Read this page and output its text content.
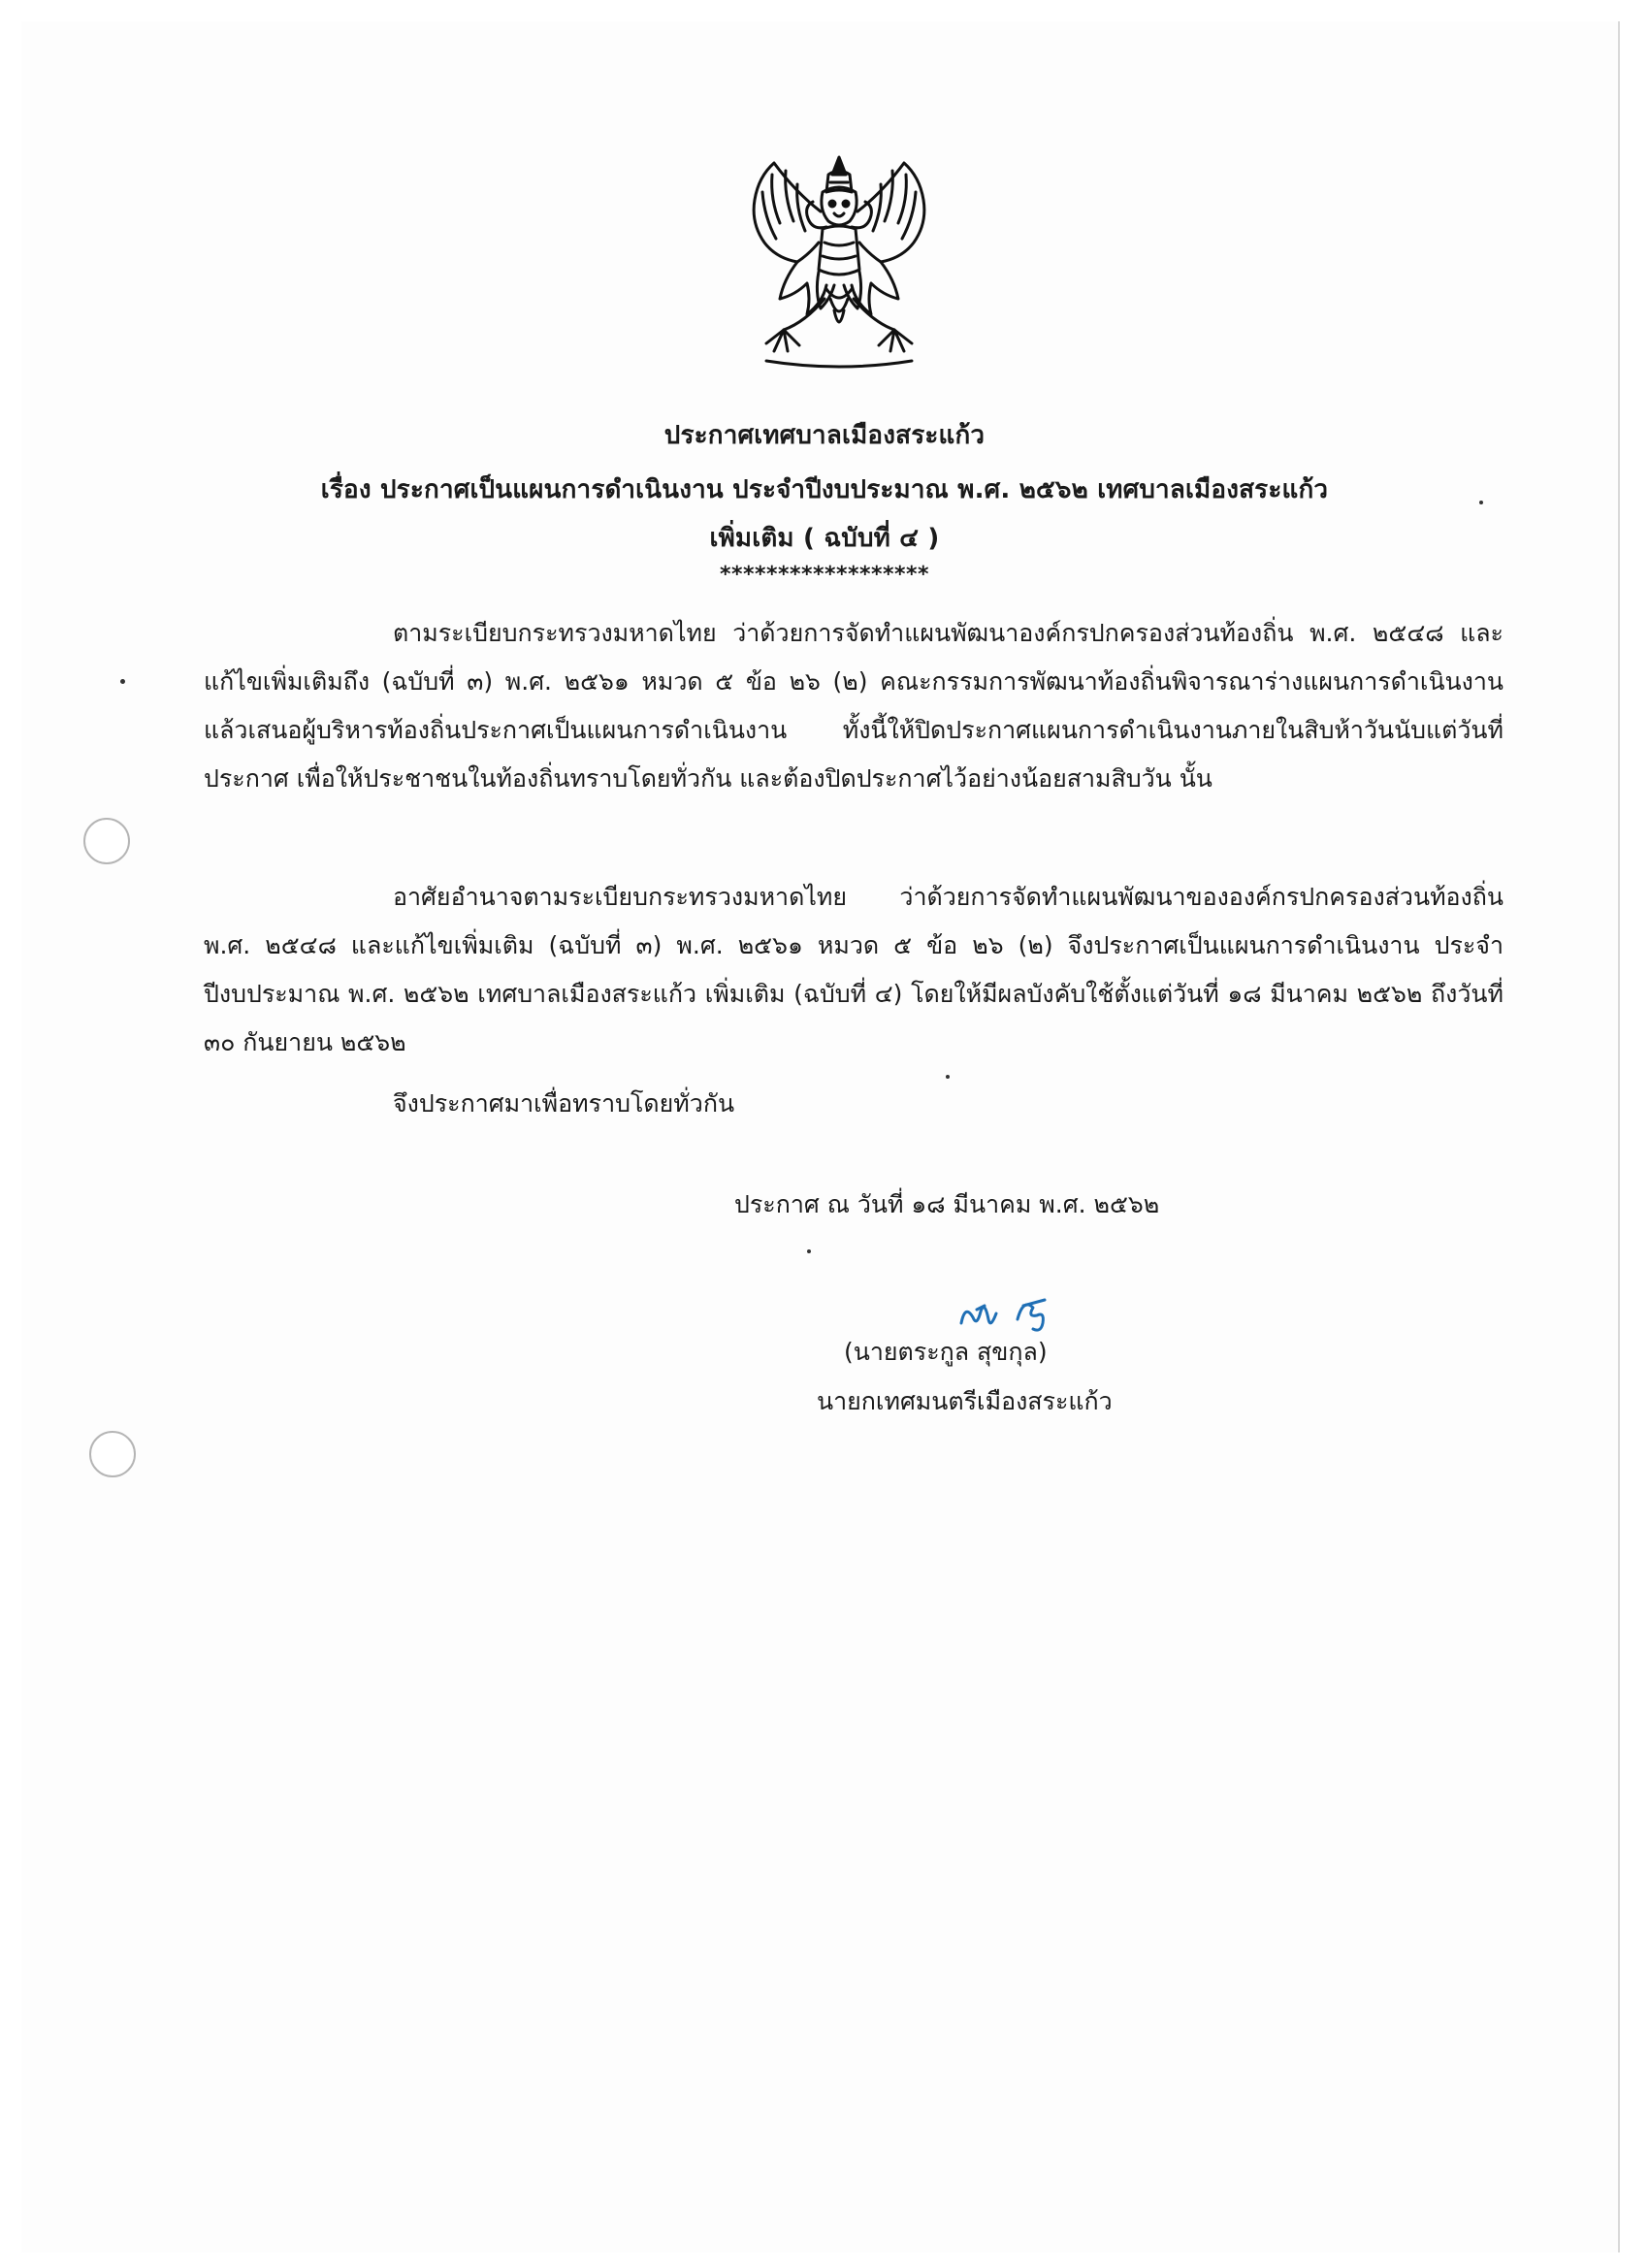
ประกาศเทศบาลเมืองสระแก้ว
เรื่อง ประกาศเป็นแผนการดำเนินงาน ประจำปีงบประมาณ พ.ศ. ๒๕๖๒ เทศบาลเมืองสระแก้ว
เพิ่มเติม ( ฉบับที่ ๔ )
******************

ตามระเบียบกระทรวงมหาดไทย ว่าด้วยการจัดทำแผนพัฒนาองค์กรปกครองส่วนท้องถิ่น พ.ศ. ๒๕๔๘ และแก้ไขเพิ่มเติมถึง (ฉบับที่ ๓) พ.ศ. ๒๕๖๑ หมวด ๕ ข้อ ๒๖ (๒) คณะกรรมการพัฒนาท้องถิ่นพิจารณาร่างแผนการดำเนินงาน แล้วเสนอผู้บริหารท้องถิ่นประกาศเป็นแผนการดำเนินงาน ทั้งนี้ให้ปิดประกาศแผนการดำเนินงานภายในสิบห้าวันนับแต่วันที่ประกาศ เพื่อให้ประชาชนในท้องถิ่นทราบโดยทั่วกัน และต้องปิดประกาศไว้อย่างน้อยสามสิบวัน นั้น

อาศัยอำนาจตามระเบียบกระทรวงมหาดไทย ว่าด้วยการจัดทำแผนพัฒนาขององค์กรปกครองส่วนท้องถิ่น พ.ศ. ๒๕๔๘ และแก้ไขเพิ่มเติม (ฉบับที่ ๓) พ.ศ. ๒๕๖๑ หมวด ๕ ข้อ ๒๖ (๒) จึงประกาศเป็นแผนการดำเนินงาน ประจำปีงบประมาณ พ.ศ. ๒๕๖๒ เทศบาลเมืองสระแก้ว เพิ่มเติม (ฉบับที่ ๔) โดยให้มีผลบังคับใช้ตั้งแต่วันที่ ๑๘ มีนาคม ๒๕๖๒ ถึงวันที่ ๓๐ กันยายน ๒๕๖๒

จึงประกาศมาเพื่อทราบโดยทั่วกัน
ประกาศ ณ วันที่ ๑๘ มีนาคม พ.ศ. ๒๕๖๒
(นายตระกูล สุขกุล)
นายกเทศมนตรีเมืองสระแก้ว
